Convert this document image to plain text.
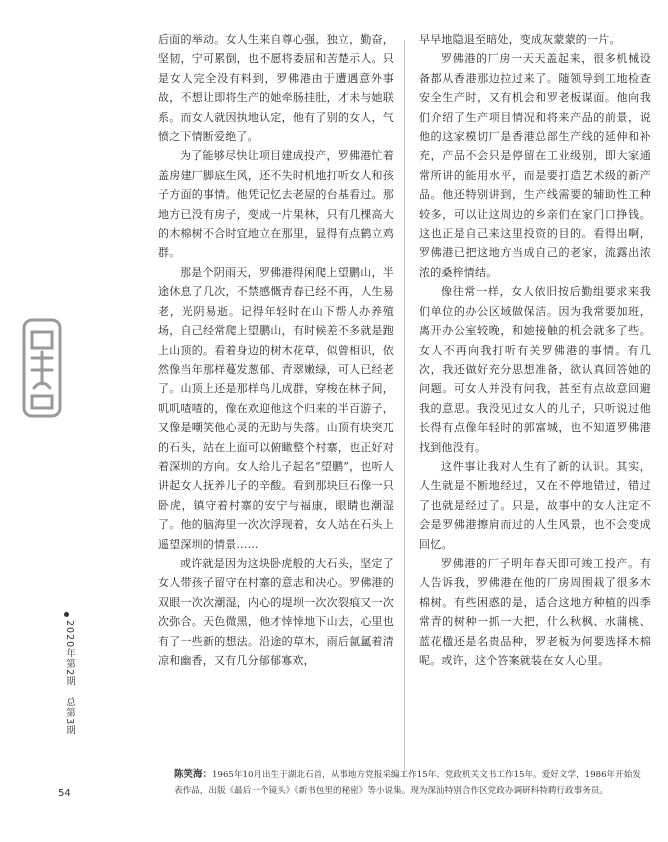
2020年第2期　总第3期

后面的举动。女人生来自尊心强，独立，勤奋，坚韧，宁可累倒，也不愿将委屈和苦楚示人。只是女人完全没有料到，罗佛港由于遭遇意外事故，不想让即将生产的她牵肠挂肚，才未与她联系。而女人就因执地认定，他有了别的女人，气愤之下情断爱绝了。

为了能够尽快让项目建成投产，罗佛港忙着盖房建厂脚底生风，还不失时机地打听女人和孩子方面的事情。他凭记忆去老屋的台基看过。那地方已没有房子，变成一片果林，只有几棵高大的木棉树不合时宜地立在那里，显得有点鹤立鸡群。

那是个阴雨天，罗佛港得闲爬上望鹏山，半途休息了几次，不禁感慨青春已经不再，人生易老，光阴易逝。记得年轻时在山下帮人办养殖场，自己经常爬上望鹏山，有时候差不多就是跑上山顶的。看着身边的树木花草，似曾相识，依然像当年那样蔓发葱郁、青翠嫩绿，可人已经老了。山顶上还是那样鸟儿成群，穿梭在林子间，叽叽喳喳的，像在欢迎他这个归来的半百游子，又像是嘲笑他心灵的无助与失落。山顶有块突兀的石头，站在上面可以俯瞰整个村寨，也正好对着深圳的方向。女人给儿子起名“望鹏”，也听人讲起女人抚养儿子的辛酸。看到那块巨石像一只卧虎，镇守着村寨的安宁与福康，眼睛也潮湿了。他的脑海里一次次浮现着，女人站在石头上遥望深圳的情景……

或许就是因为这块卧虎般的大石头，坚定了女人带孩子留守在村寨的意志和决心。罗佛港的双眼一次次潮湿，内心的堤坝一次次裂痕又一次次弥合。天色微黑，他才悻悻地下山去，心里也有了一些新的想法。沿途的草木，雨后氤氲着清凉和幽香，又有几分郁郁寡欢，

早早地隐退至暗处，变成灰蒙蒙的一片。

罗佛港的厂房一天天盖起来，很多机械设备都从香港那边拉过来了。随领导到工地检查安全生产时，又有机会和罗老板谋面。他向我们介绍了生产项目情况和将来产品的前景，说他的这家模切厂是香港总部生产线的延伸和补充，产品不会只是停留在工业级别，即大家通常所讲的能用水平，而是要打造艺术级的新产品。他还特别讲到，生产线需要的辅助性工种较多，可以让这周边的乡亲们在家门口挣钱。这也正是自己来这里投资的目的。看得出啊，罗佛港已把这地方当成自己的老家，流露出浓浓的桑梓情结。

像往常一样，女人依旧按后勤组要求来我们单位的办公区域做保洁。因为我常要加班，离开办公室较晚，和她接触的机会就多了些。女人不再向我打听有关罗佛港的事情。有几次，我还做好充分思想准备，欲认真回答她的问题。可女人并没有问我，甚至有点故意回避我的意思。我没见过女人的儿子，只听说过他长得有点像年轻时的郭富城，也不知道罗佛港找到他没有。

这件事让我对人生有了新的认识。其实，人生就是不断地经过，又在不停地错过，错过了也就是经过了。只是，故事中的女人注定不会是罗佛港擦肩而过的人生风景，也不会变成回忆。

罗佛港的厂子明年春天即可竣工投产。有人告诉我，罗佛港在他的厂房周围栽了很多木棉树。有些困惑的是，适合这地方种植的四季常青的树种一抓一大把，什么秋枫、水蒲桃、蓝花楹还是名贵品种，罗老板为何要选择木棉呢。或许，这个答案就装在女人心里。

54
陈笑海：1965年10月出生于湖北石首，从事地方党报采编工作15年、党政机关文书工作15年。爱好文学，1986年开始发表作品，出版《最后一个镜头》《新书包里的秘密》等小说集。现为深汕特别合作区党政办调研科特聘行政事务员。
